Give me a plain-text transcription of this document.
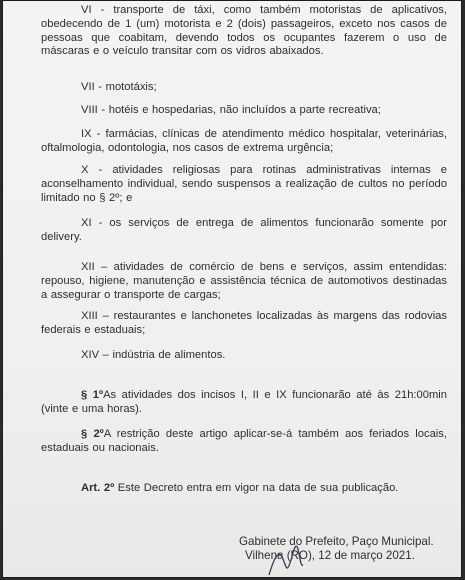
VI - transporte de táxi, como também motoristas de aplicativos, obedecendo de 1 (um) motorista e 2 (dois) passageiros, exceto nos casos de pessoas que coabitam, devendo todos os ocupantes fazerem o uso de máscaras e o veículo transitar com os vidros abaixados.
VII - mototáxis;
VIII - hotéis e hospedarias, não incluídos a parte recreativa;
IX - farmácias, clínicas de atendimento médico hospitalar, veterinárias, oftalmologia, odontologia, nos casos de extrema urgência;
X - atividades religiosas para rotinas administrativas internas e aconselhamento individual, sendo suspensos a realização de cultos no período limitado no § 2º; e
XI - os serviços de entrega de alimentos funcionarão somente por delivery.
XII – atividades de comércio de bens e serviços, assim entendidas: repouso, higiene, manutenção e assistência técnica de automotivos destinadas a assegurar o transporte de cargas;
XIII – restaurantes e lanchonetes localizadas às margens das rodovias federais e estaduais;
XIV – indústria de alimentos.
§ 1ºAs atividades dos incisos I, II e IX funcionarão até às 21h:00min (vinte e uma horas).
§ 2ºA restrição deste artigo aplicar-se-á também aos feriados locais, estaduais ou nacionais.
Art. 2º Este Decreto entra em vigor na data de sua publicação.
Gabinete do Prefeito, Paço Municipal.
Vilhena (RO), 12 de março 2021.
